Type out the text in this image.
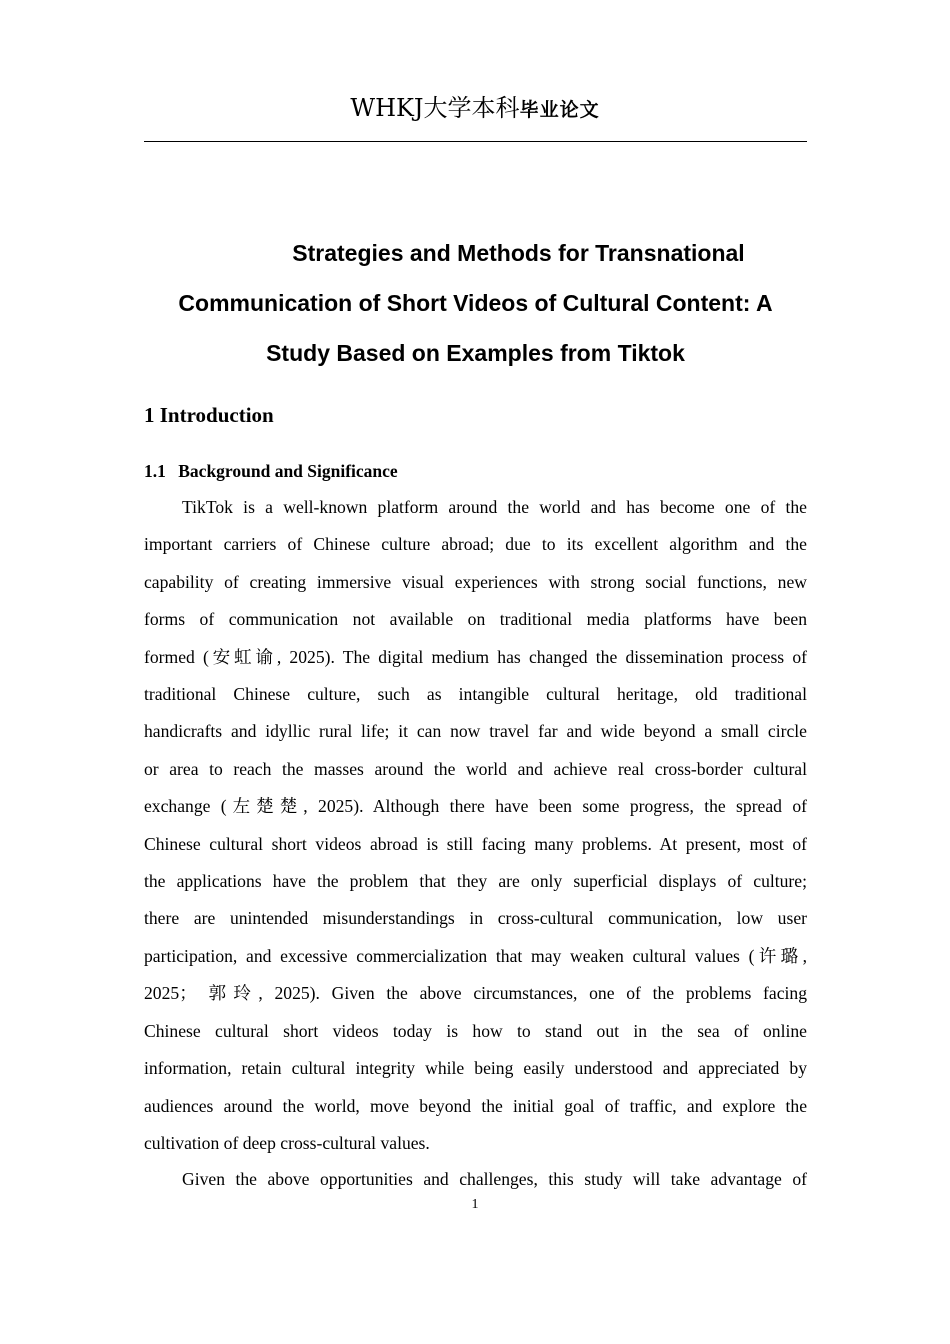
WHKJ大学本科毕业论文
Strategies and Methods for Transnational
Communication of Short Videos of Cultural Content: A
Study Based on Examples from Tiktok
1 Introduction
1.1 Background and Significance
TikTok is a well-known platform around the world and has become one of the
important carriers of Chinese culture abroad; due to its excellent algorithm and the
capability of creating immersive visual experiences with strong social functions, new
forms of communication not available on traditional media platforms have been
formed (安虹谕, 2025). The digital medium has changed the dissemination process of
traditional Chinese culture, such as intangible cultural heritage, old traditional
handicrafts and idyllic rural life; it can now travel far and wide beyond a small circle
or area to reach the masses around the world and achieve real cross-border cultural
exchange (左楚楚, 2025). Although there have been some progress, the spread of
Chinese cultural short videos abroad is still facing many problems. At present, most of
the applications have the problem that they are only superficial displays of culture;
there are unintended misunderstandings in cross-cultural communication, low user
participation, and excessive commercialization that may weaken cultural values (许璐,
2025； 郭玲, 2025). Given the above circumstances, one of the problems facing
Chinese cultural short videos today is how to stand out in the sea of online
information, retain cultural integrity while being easily understood and appreciated by
audiences around the world, move beyond the initial goal of traffic, and explore the
cultivation of deep cross-cultural values.
Given the above opportunities and challenges, this study will take advantage of
1
